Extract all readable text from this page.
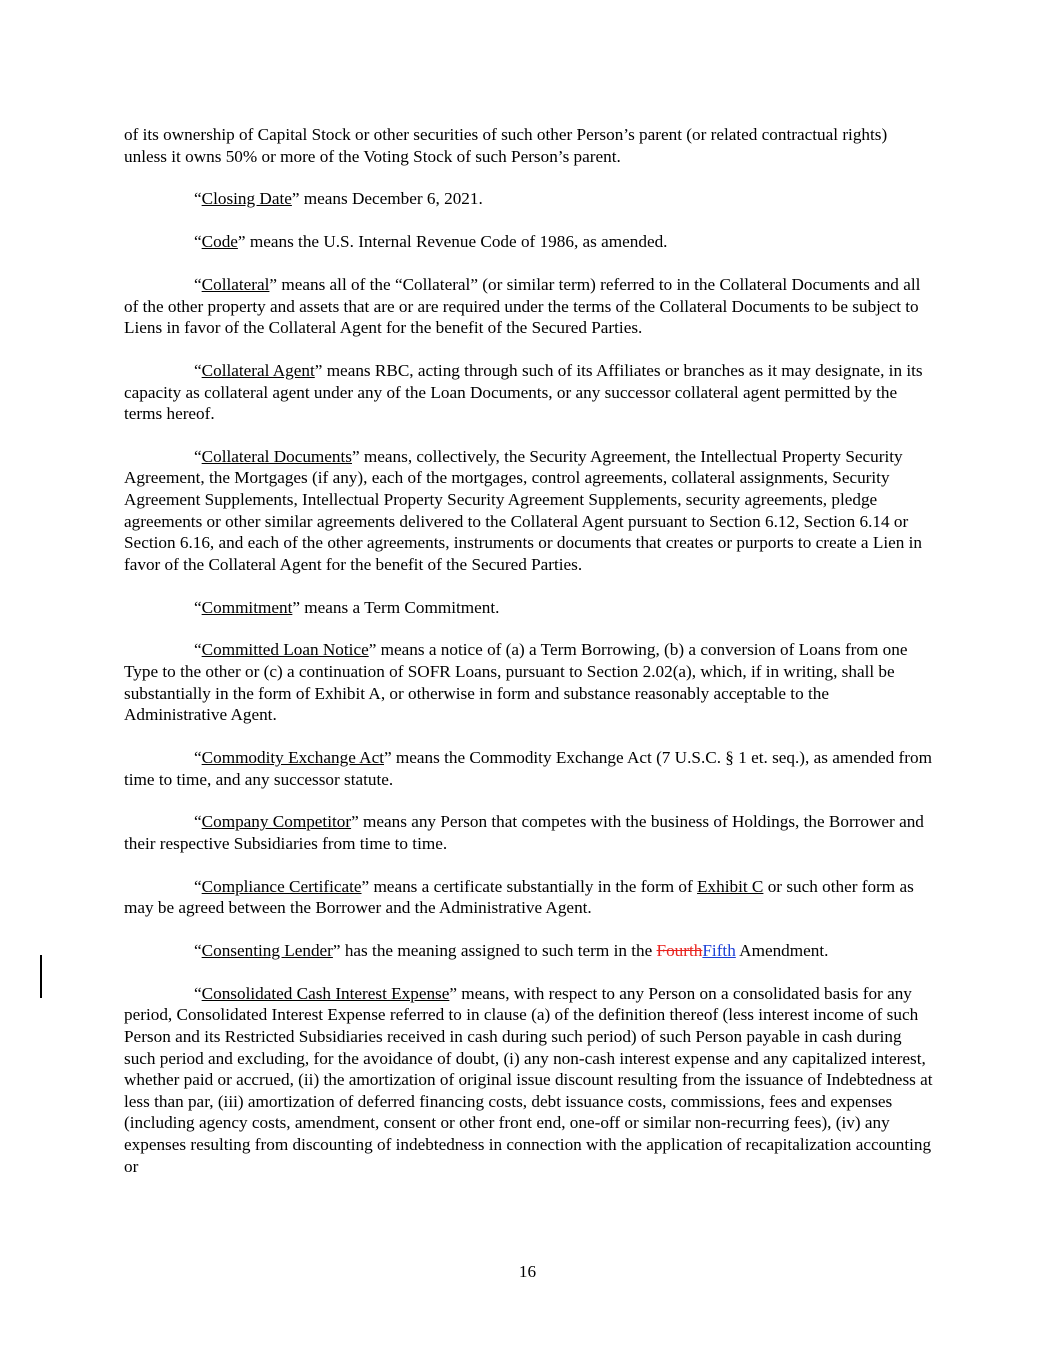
of its ownership of Capital Stock or other securities of such other Person’s parent (or related contractual rights) unless it owns 50% or more of the Voting Stock of such Person’s parent.

“Closing Date” means December 6, 2021.

“Code” means the U.S. Internal Revenue Code of 1986, as amended.

“Collateral” means all of the “Collateral” (or similar term) referred to in the Collateral Documents and all of the other property and assets that are or are required under the terms of the Collateral Documents to be subject to Liens in favor of the Collateral Agent for the benefit of the Secured Parties.

“Collateral Agent” means RBC, acting through such of its Affiliates or branches as it may designate, in its capacity as collateral agent under any of the Loan Documents, or any successor collateral agent permitted by the terms hereof.

“Collateral Documents” means, collectively, the Security Agreement, the Intellectual Property Security Agreement, the Mortgages (if any), each of the mortgages, control agreements, collateral assignments, Security Agreement Supplements, Intellectual Property Security Agreement Supplements, security agreements, pledge agreements or other similar agreements delivered to the Collateral Agent pursuant to Section 6.12, Section 6.14 or Section 6.16, and each of the other agreements, instruments or documents that creates or purports to create a Lien in favor of the Collateral Agent for the benefit of the Secured Parties.

“Commitment” means a Term Commitment.

“Committed Loan Notice” means a notice of (a) a Term Borrowing, (b) a conversion of Loans from one Type to the other or (c) a continuation of SOFR Loans, pursuant to Section 2.02(a), which, if in writing, shall be substantially in the form of Exhibit A, or otherwise in form and substance reasonably acceptable to the Administrative Agent.

“Commodity Exchange Act” means the Commodity Exchange Act (7 U.S.C. § 1 et. seq.), as amended from time to time, and any successor statute.

“Company Competitor” means any Person that competes with the business of Holdings, the Borrower and their respective Subsidiaries from time to time.

“Compliance Certificate” means a certificate substantially in the form of Exhibit C or such other form as may be agreed between the Borrower and the Administrative Agent.

“Consenting Lender” has the meaning assigned to such term in the FourthFifth Amendment.

“Consolidated Cash Interest Expense” means, with respect to any Person on a consolidated basis for any period, Consolidated Interest Expense referred to in clause (a) of the definition thereof (less interest income of such Person and its Restricted Subsidiaries received in cash during such period) of such Person payable in cash during such period and excluding, for the avoidance of doubt, (i) any non-cash interest expense and any capitalized interest, whether paid or accrued, (ii) the amortization of original issue discount resulting from the issuance of Indebtedness at less than par, (iii) amortization of deferred financing costs, debt issuance costs, commissions, fees and expenses (including agency costs, amendment, consent or other front end, one-off or similar non-recurring fees), (iv) any expenses resulting from discounting of indebtedness in connection with the application of recapitalization accounting or

16
